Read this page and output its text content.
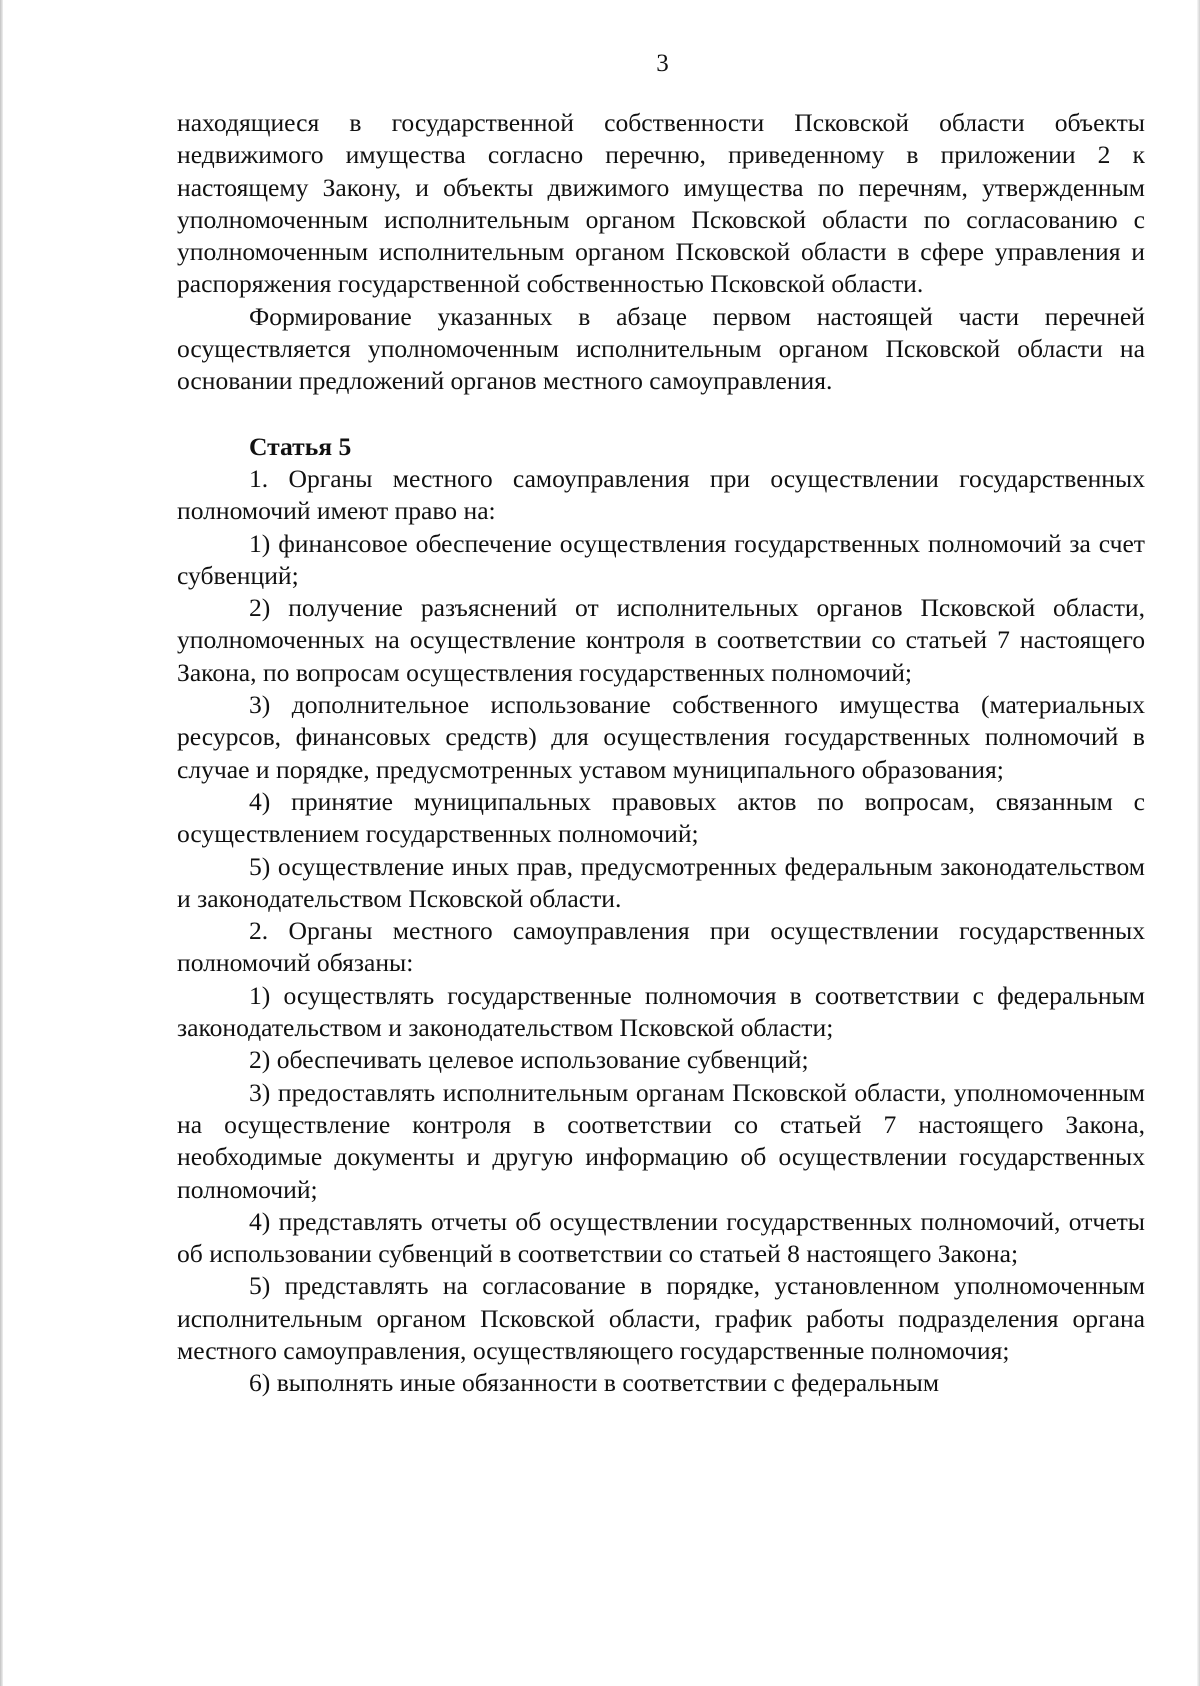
3

находящиеся в государственной собственности Псковской области объекты недвижимого имущества согласно перечню, приведенному в приложении 2 к настоящему Закону, и объекты движимого имущества по перечням, утвержденным уполномоченным исполнительным органом Псковской области по согласованию с уполномоченным исполнительным органом Псковской области в сфере управления и распоряжения государственной собственностью Псковской области.

Формирование указанных в абзаце первом настоящей части перечней осуществляется уполномоченным исполнительным органом Псковской области на основании предложений органов местного самоуправления.

Статья 5

1. Органы местного самоуправления при осуществлении государственных полномочий имеют право на:

1) финансовое обеспечение осуществления государственных полномочий за счет субвенций;

2) получение разъяснений от исполнительных органов Псковской области, уполномоченных на осуществление контроля в соответствии со статьей 7 настоящего Закона, по вопросам осуществления государственных полномочий;

3) дополнительное использование собственного имущества (материальных ресурсов, финансовых средств) для осуществления государственных полномочий в случае и порядке, предусмотренных уставом муниципального образования;

4) принятие муниципальных правовых актов по вопросам, связанным с осуществлением государственных полномочий;

5) осуществление иных прав, предусмотренных федеральным законодательством и законодательством Псковской области.

2. Органы местного самоуправления при осуществлении государственных полномочий обязаны:

1) осуществлять государственные полномочия в соответствии с федеральным законодательством и законодательством Псковской области;

2) обеспечивать целевое использование субвенций;

3) предоставлять исполнительным органам Псковской области, уполномоченным на осуществление контроля в соответствии со статьей 7 настоящего Закона, необходимые документы и другую информацию об осуществлении государственных полномочий;

4) представлять отчеты об осуществлении государственных полномочий, отчеты об использовании субвенций в соответствии со статьей 8 настоящего Закона;

5) представлять на согласование в порядке, установленном уполномоченным исполнительным органом Псковской области, график работы подразделения органа местного самоуправления, осуществляющего государственные полномочия;

6) выполнять иные обязанности в соответствии с федеральным
